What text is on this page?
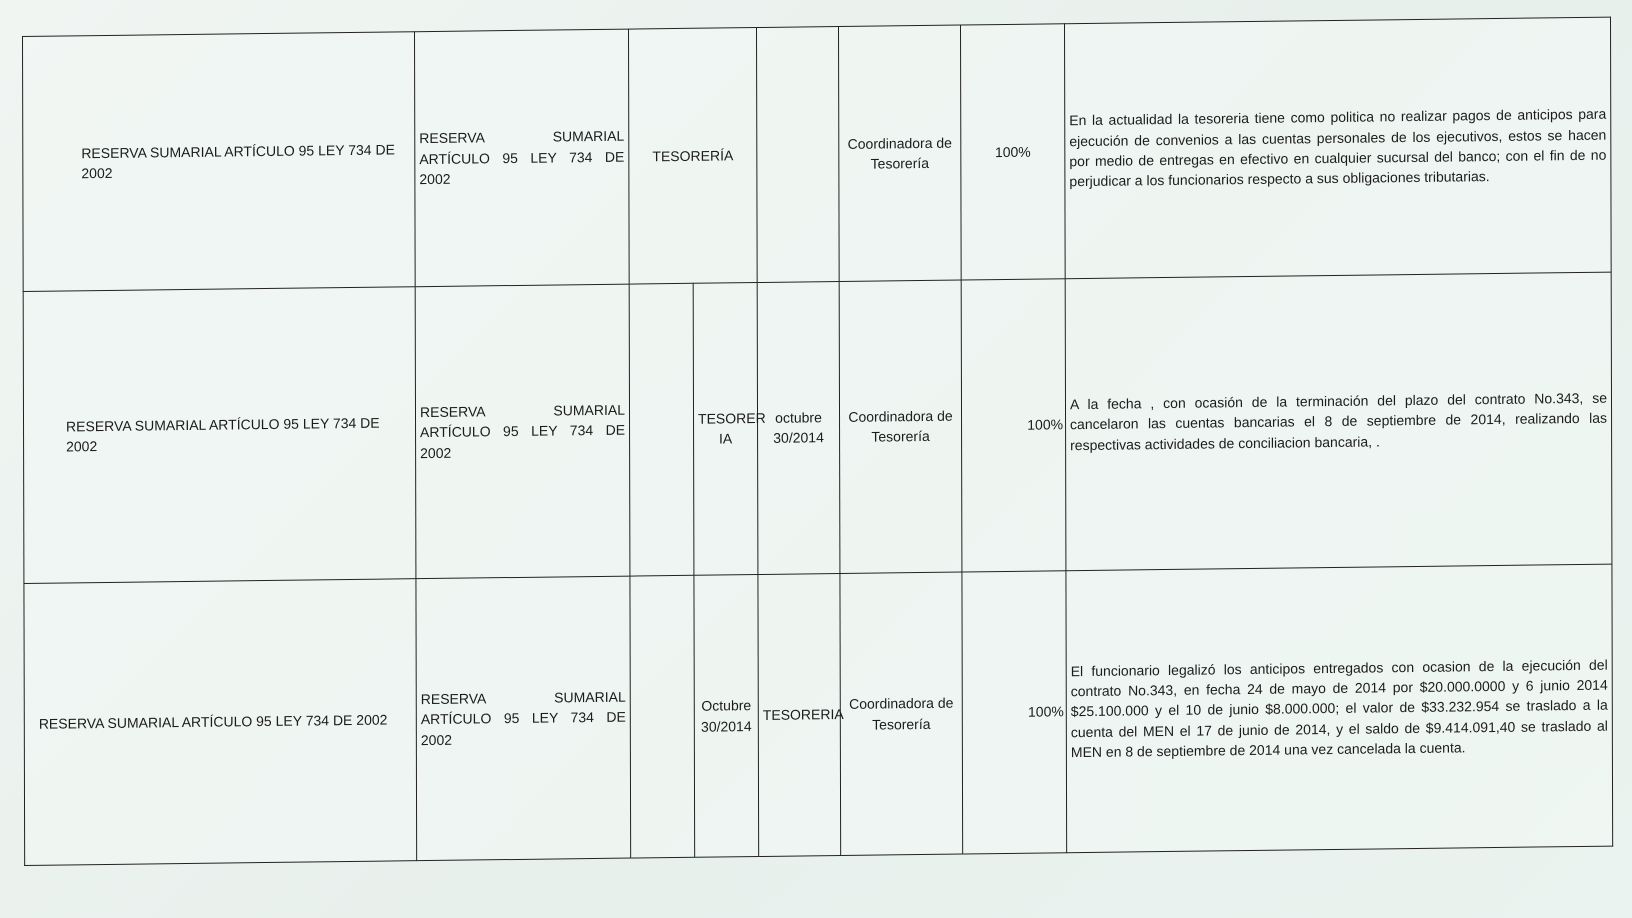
RESERVA SUMARIAL ARTÍCULO 95 LEY 734 DE 2002	RESERVA SUMARIAL ARTÍCULO 95 LEY 734 DE 2002	TESORERÍA			Coordinadora de Tesorería	100%	En la actualidad la tesoreria tiene como politica no realizar pagos de anticipos para ejecución de convenios a las cuentas personales de los ejecutivos, estos se hacen por medio de entregas en efectivo en cualquier sucursal del banco; con el fin de no perjudicar a los funcionarios respecto a sus obligaciones tributarias.

RESERVA SUMARIAL ARTÍCULO 95 LEY 734 DE 2002	RESERVA SUMARIAL ARTÍCULO 95 LEY 734 DE 2002		TESORER IA	octubre 30/2014	Coordinadora de Tesorería	100%	A la fecha , con ocasión de la terminación del plazo del contrato No.343, se cancelaron las cuentas bancarias el 8 de septiembre de 2014, realizando las respectivas actividades de conciliacion bancaria, .

RESERVA SUMARIAL ARTÍCULO 95 LEY 734 DE 2002	RESERVA SUMARIAL ARTÍCULO 95 LEY 734 DE 2002		Octubre 30/2014	TESORERIA	Coordinadora de Tesorería	100%	El funcionario legalizó los anticipos entregados con ocasion de la ejecución del contrato No.343, en fecha 24 de mayo de 2014 por $20.000.0000 y 6 junio 2014 $25.100.000 y el 10 de junio $8.000.000; el valor de $33.232.954 se traslado a la cuenta del MEN el 17 de junio de 2014, y el saldo de $9.414.091,40 se traslado al MEN en 8 de septiembre de 2014 una vez cancelada la cuenta.
